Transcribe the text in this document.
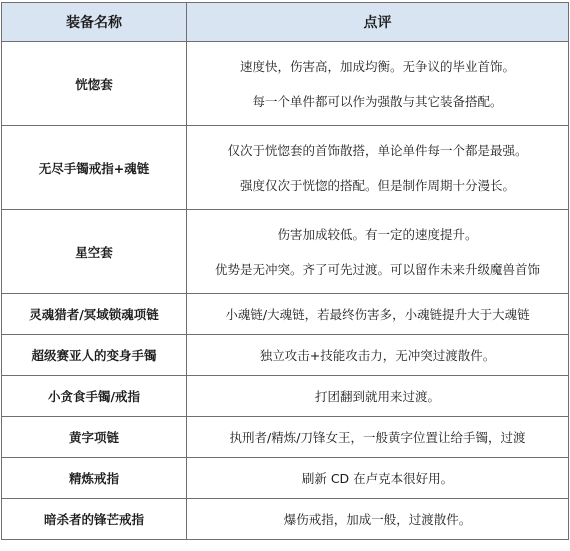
装备名称	点评
恍惚套	速度快，伤害高，加成均衡。无争议的毕业首饰。
每一个单件都可以作为强散与其它装备搭配。

无尽手镯戒指+魂链	仅次于恍惚套的首饰散搭，单论单件每一个都是最强。
强度仅次于恍惚的搭配。但是制作周期十分漫长。

星空套	伤害加成较低。有一定的速度提升。
优势是无冲突。齐了可先过渡。可以留作未来升级魔兽首饰

灵魂猎者/冥域锁魂项链	小魂链/大魂链，若最终伤害多，小魂链提升大于大魂链
超级赛亚人的变身手镯	独立攻击+技能攻击力，无冲突过渡散件。
小贪食手镯/戒指	打团翻到就用来过渡。
黄字项链	执刑者/精炼/刀锋女王，一般黄字位置让给手镯，过渡
精炼戒指	刷新 CD 在卢克本很好用。
暗杀者的锋芒戒指	爆伤戒指，加成一般，过渡散件。
